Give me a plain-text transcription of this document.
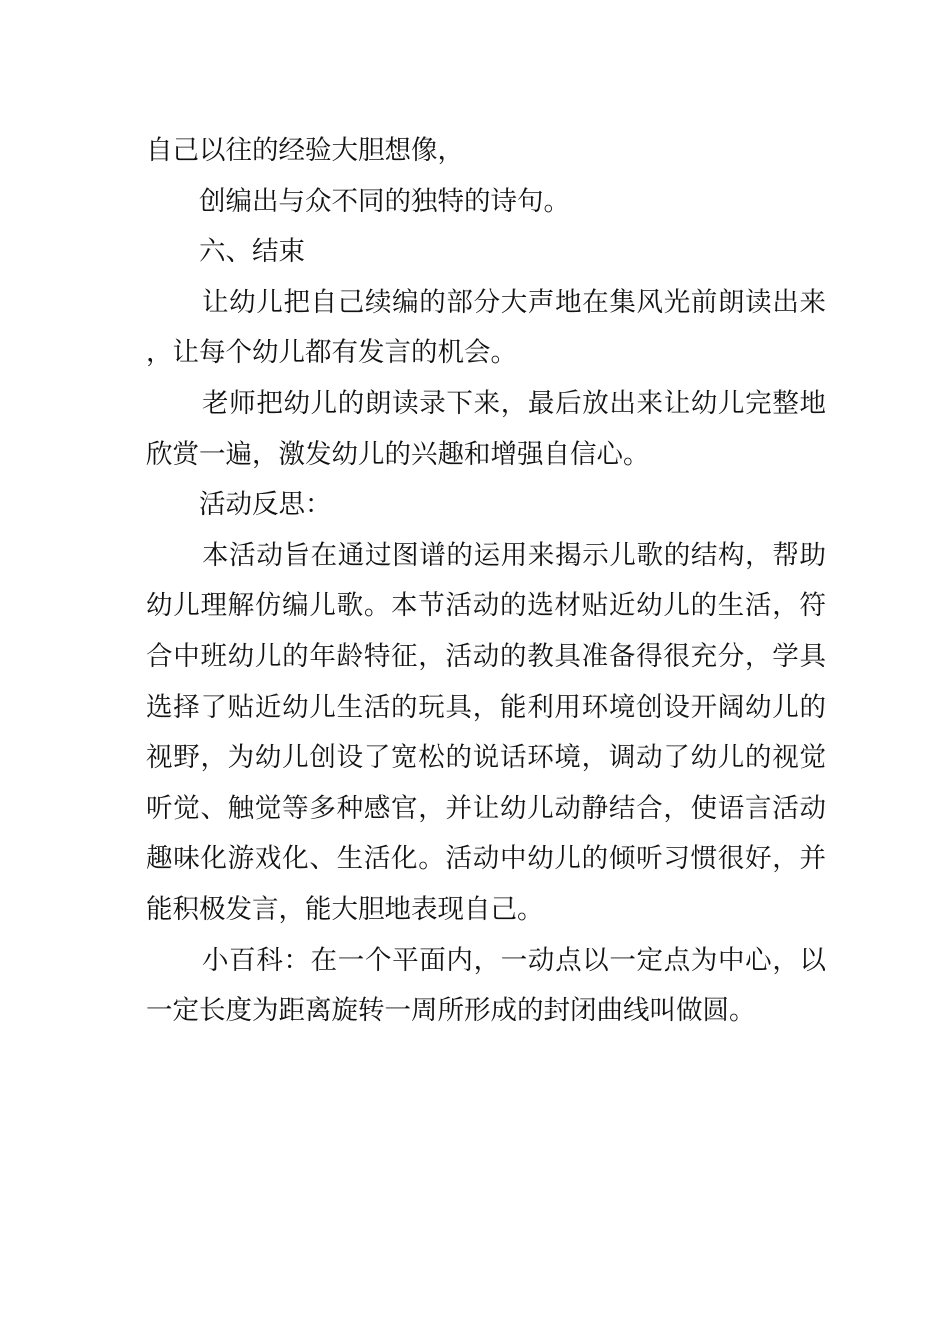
自己以往的经验大胆想像，

创编出与众不同的独特的诗句。

六、结束

让幼儿把自己续编的部分大声地在集风光前朗读出来，让每个幼儿都有发言的机会。

老师把幼儿的朗读录下来，最后放出来让幼儿完整地欣赏一遍，激发幼儿的兴趣和增强自信心。

活动反思：

本活动旨在通过图谱的运用来揭示儿歌的结构，帮助幼儿理解仿编儿歌。本节活动的选材贴近幼儿的生活，符合中班幼儿的年龄特征，活动的教具准备得很充分，学具选择了贴近幼儿生活的玩具，能利用环境创设开阔幼儿的视野，为幼儿创设了宽松的说话环境，调动了幼儿的视觉听觉、触觉等多种感官，并让幼儿动静结合，使语言活动趣味化游戏化、生活化。活动中幼儿的倾听习惯很好，并能积极发言，能大胆地表现自己。

小百科：在一个平面内，一动点以一定点为中心，以一定长度为距离旋转一周所形成的封闭曲线叫做圆。
